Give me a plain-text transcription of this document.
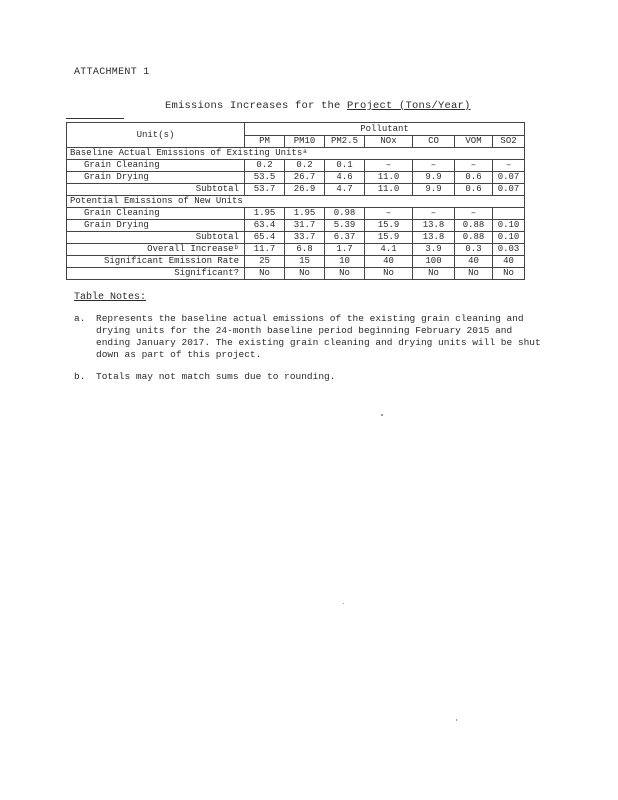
ATTACHMENT 1
Emissions Increases for the Project (Tons/Year)
Unit(s)	Pollutant						
	PM	PM10	PM2.5	NOx	CO	VOM	SO2
Baseline Actual Emissions of Existing Unitsᵃ							
Grain Cleaning	0.2	0.2	0.1	–	–	–	–
Grain Drying	53.5	26.7	4.6	11.0	9.9	0.6	0.07
Subtotal	53.7	26.9	4.7	11.0	9.9	0.6	0.07
Potential Emissions of New Units							
Grain Cleaning	1.95	1.95	0.98	–	–	–	
Grain Drying	63.4	31.7	5.39	15.9	13.8	0.88	0.10
Subtotal	65.4	33.7	6.37	15.9	13.8	0.88	0.10
Overall Increaseᵇ	11.7	6.8	1.7	4.1	3.9	0.3	0.03
Significant Emission Rate	25	15	10	40	100	40	40
Significant?	No	No	No	No	No	No	No
Table Notes:
a. Represents the baseline actual emissions of the existing grain cleaning and drying units for the 24-month baseline period beginning February 2015 and ending January 2017. The existing grain cleaning and drying units will be shut down as part of this project.
b. Totals may not match sums due to rounding.
